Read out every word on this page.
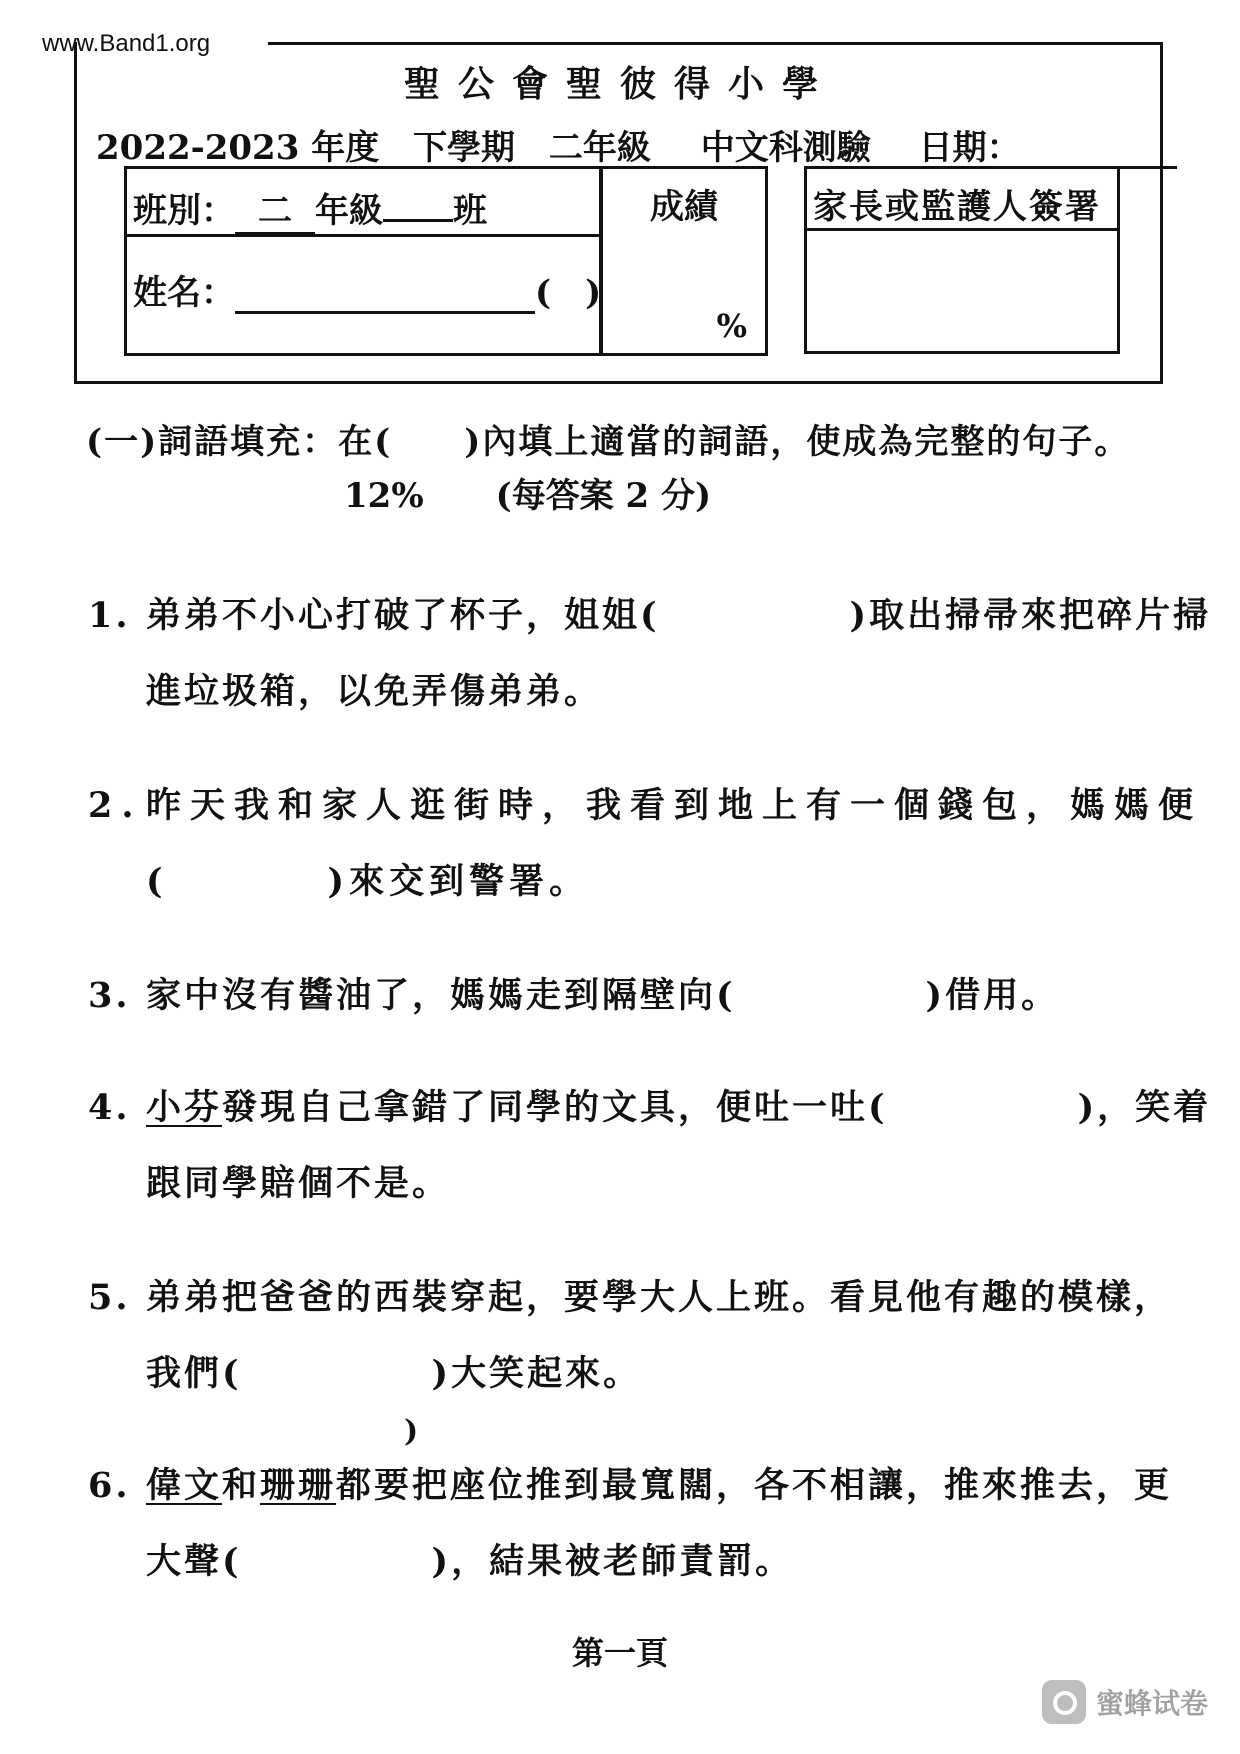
www.Band1.org
聖公會聖彼得小學
2022-2023 年度 下學期 二年級 中文科測驗 日期：
班別： 二 年級 班
姓名：	(　)
成績
%
家長或監護人簽署
(一)詞語填充：在(　　)內填上適當的詞語，使成為完整的句子。
12% (每答案 2 分)
1. 弟弟不小心打破了杯子，姐姐(　　　　　)取出掃帚來把碎片掃
進垃圾箱，以免弄傷弟弟。
2.昨天我和家人逛街時，我看到地上有一個錢包，媽媽便
(　　　　)來交到警署。
3. 家中沒有醬油了，媽媽走到隔壁向(　　　　　)借用。
4. 小芬發現自己拿錯了同學的文具，便吐一吐(　　　　　)，笑着
跟同學賠個不是。
5. 弟弟把爸爸的西裝穿起，要學大人上班。看見他有趣的模樣，
我們(　　　　　)大笑起來。
)
6. 偉文和珊珊都要把座位推到最寬闊，各不相讓，推來推去，更
大聲(　　　　　)，結果被老師責罰。
第一頁
蜜蜂试卷
